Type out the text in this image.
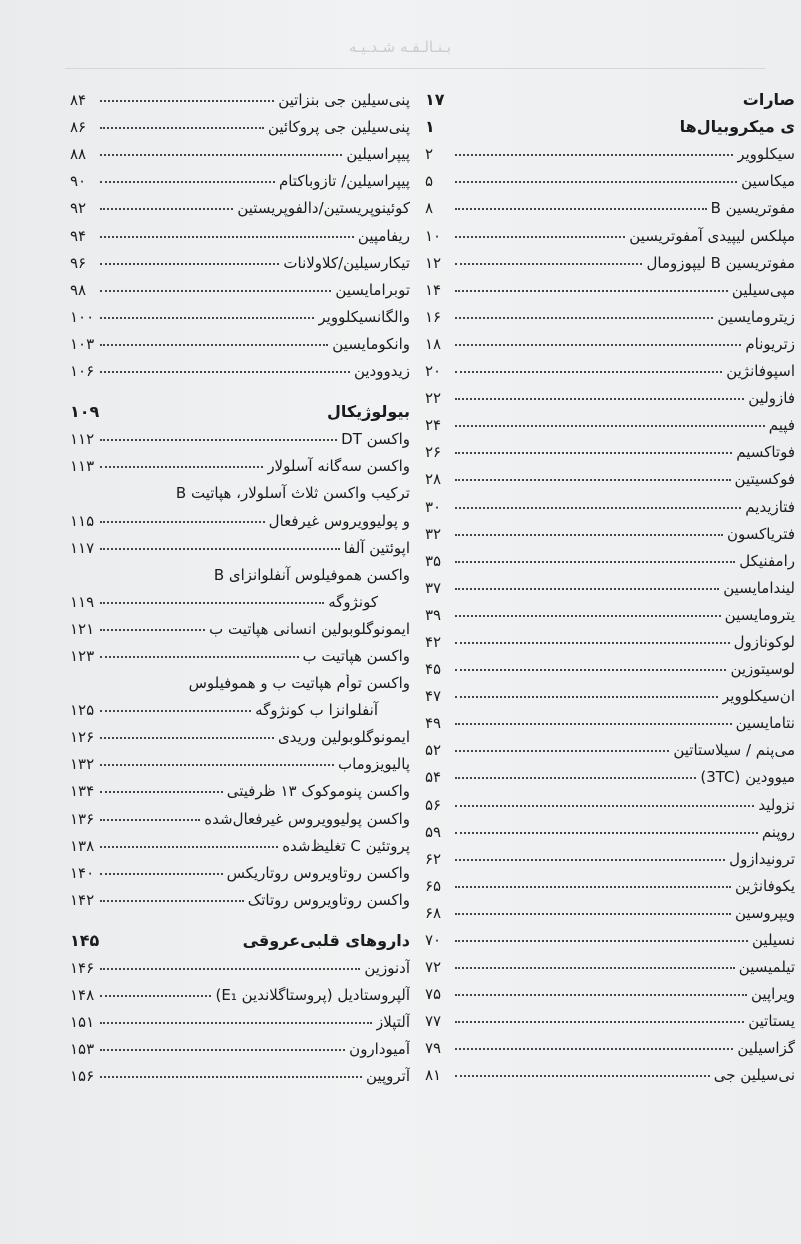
بـنـالـفـه شـدـیـه
صارات
۱۷
ی میکروبیال‌ها
۱
سیکلوویر
۲
میکاسین
۵
مفوتریسین B
۸
مپلکس لیپیدی آمفوتریسین
۱۰
مفوتریسین B لیپوزومال
۱۲
مپی‌سیلین
۱۴
زیترومایسین
۱۶
زتریونام
۱۸
اسپوفانژین
۲۰
فازولین
۲۲
فپیم
۲۴
فوتاکسیم
۲۶
فوکسیتین
۲۸
فتازیدیم
۳۰
فتریاکسون
۳۲
رامفنیکل
۳۵
لیندامایسین
۳۷
یترومایسین
۳۹
لوکونازول
۴۲
لوسیتوزین
۴۵
ان‌سیکلوویر
۴۷
نتامایسین
۴۹
می‌پنم / سیلاستاتین
۵۲
میوودین (3TC)
۵۴
نزولید
۵۶
روپنم
۵۹
ترونیدازول
۶۲
یکوفانژین
۶۵
ویپروسین
۶۸
نسیلین
۷۰
تیلمیسین
۷۲
ویراپین
۷۵
یستاتین
۷۷
گزاسیلین
۷۹
نی‌سیلین جی
۸۱
پنی‌سیلین جی بنزاتین
۸۴
پنی‌سیلین جی پروکائین
۸۶
پیپراسیلین
۸۸
پیپراسیلین/ تازوباکتام
۹۰
کوئینوپریستین/دالفوپریستین
۹۲
ریفامپین
۹۴
تیکارسیلین/کلاولانات
۹۶
توبرامایسین
۹۸
والگانسیکلوویر
۱۰۰
وانکومایسین
۱۰۳
زیدوودین
۱۰۶
بیولوژیکال
۱۰۹
واکسن DT
۱۱۲
واکسن سه‌گانه آسلولار
۱۱۳
ترکیب واکسن ثلاث آسلولار، هپاتیت B
و پولیوویروس غیرفعال
۱۱۵
اپوئتین آلفا
۱۱۷
واکسن هموفیلوس آنفلوانزای B
کونژوگه
۱۱۹
ایمونوگلوبولین انسانی هپاتیت ب
۱۲۱
واکسن هپاتیت ب
۱۲۳
واکسن توأم هپاتیت ب و هموفیلوس
آنفلوانزا ب کونژوگه
۱۲۵
ایمونوگلوبولین وریدی
۱۲۶
پالیویزوماب
۱۳۲
واکسن پنوموکوک ۱۳ ظرفیتی
۱۳۴
واکسن پولیوویروس غیرفعال‌شده
۱۳۶
پروتئین C تغلیظ‌شده
۱۳۸
واکسن روتاویروس روتاریکس
۱۴۰
واکسن روتاویروس روتاتک
۱۴۲
داروهای قلبی‌عروقی
۱۴۵
آدنوزین
۱۴۶
آلپروستادیل (پروستاگلاندین E₁)
۱۴۸
آلتپلاز
۱۵۱
آمیودارون
۱۵۳
آتروپین
۱۵۶
